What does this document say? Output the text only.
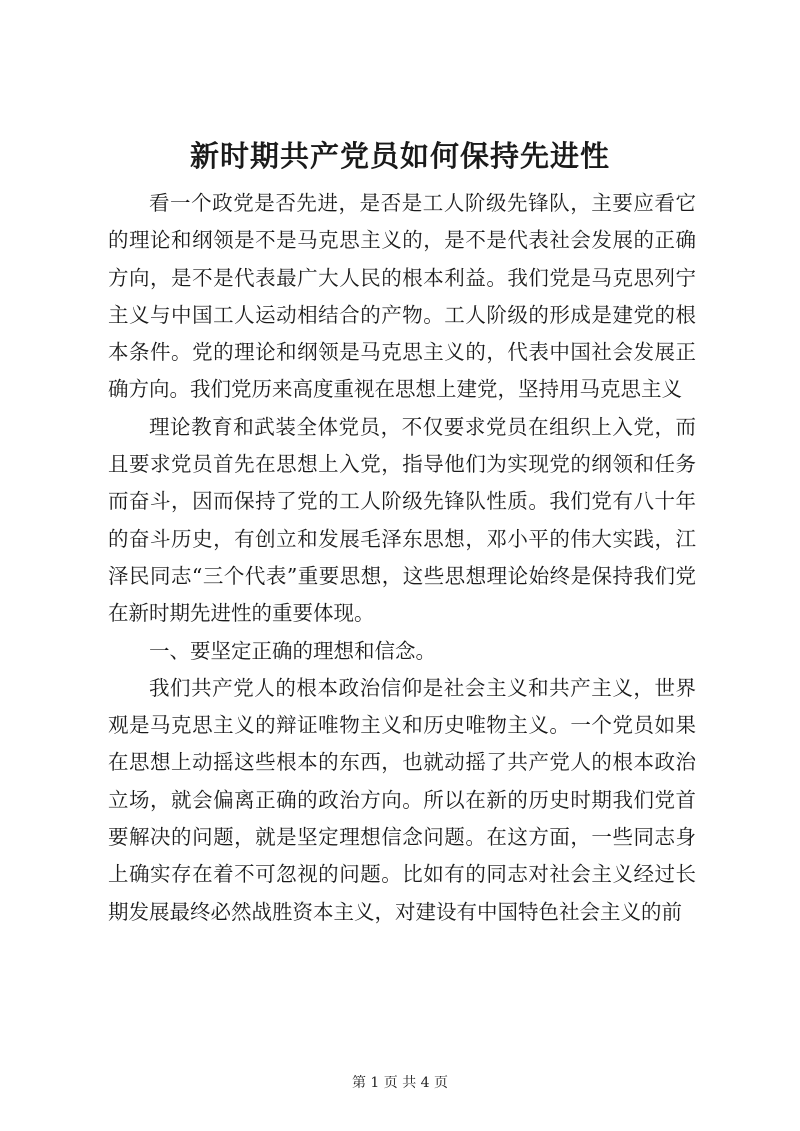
新时期共产党员如何保持先进性

看一个政党是否先进，是否是工人阶级先锋队，主要应看它的理论和纲领是不是马克思主义的，是不是代表社会发展的正确方向，是不是代表最广大人民的根本利益。我们党是马克思列宁主义与中国工人运动相结合的产物。工人阶级的形成是建党的根本条件。党的理论和纲领是马克思主义的，代表中国社会发展正确方向。我们党历来高度重视在思想上建党，坚持用马克思主义

理论教育和武装全体党员，不仅要求党员在组织上入党，而且要求党员首先在思想上入党，指导他们为实现党的纲领和任务而奋斗，因而保持了党的工人阶级先锋队性质。我们党有八十年的奋斗历史，有创立和发展毛泽东思想，邓小平的伟大实践，江泽民同志“三个代表”重要思想，这些思想理论始终是保持我们党在新时期先进性的重要体现。

一、要坚定正确的理想和信念。

我们共产党人的根本政治信仰是社会主义和共产主义，世界观是马克思主义的辩证唯物主义和历史唯物主义。一个党员如果在思想上动摇这些根本的东西，也就动摇了共产党人的根本政治立场，就会偏离正确的政治方向。所以在新的历史时期我们党首要解决的问题，就是坚定理想信念问题。在这方面，一些同志身上确实存在着不可忽视的问题。比如有的同志对社会主义经过长期发展最终必然战胜资本主义，对建设有中国特色社会主义的前

第 1 页 共 4 页
